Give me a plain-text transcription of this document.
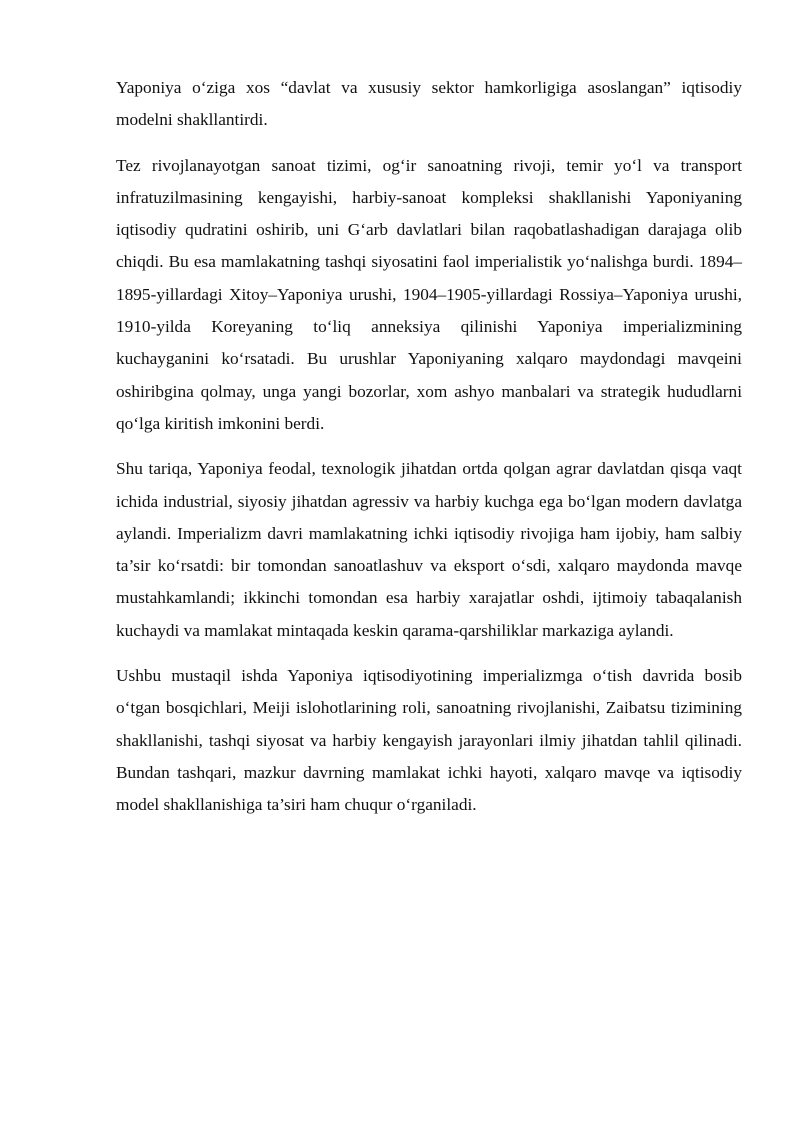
Yaponiya o‘ziga xos “davlat va xususiy sektor hamkorligiga asoslangan” iqtisodiy modelni shakllantirdi.

Tez rivojlanayotgan sanoat tizimi, og‘ir sanoatning rivoji, temir yo‘l va transport infratuzilmasining kengayishi, harbiy-sanoat kompleksi shakllanishi Yaponiyaning iqtisodiy qudratini oshirib, uni G‘arb davlatlari bilan raqobatlashadigan darajaga olib chiqdi. Bu esa mamlakatning tashqi siyosatini faol imperialistik yo‘nalishga burdi. 1894–1895-yillardagi Xitoy–Yaponiya urushi, 1904–1905-yillardagi Rossiya–Yaponiya urushi, 1910-yilda Koreyaning to‘liq anneksiya qilinishi Yaponiya imperializmining kuchayganini ko‘rsatadi. Bu urushlar Yaponiyaning xalqaro maydondagi mavqeini oshiribgina qolmay, unga yangi bozorlar, xom ashyo manbalari va strategik hududlarni qo‘lga kiritish imkonini berdi.

Shu tariqa, Yaponiya feodal, texnologik jihatdan ortda qolgan agrar davlatdan qisqa vaqt ichida industrial, siyosiy jihatdan agressiv va harbiy kuchga ega bo‘lgan modern davlatga aylandi. Imperializm davri mamlakatning ichki iqtisodiy rivojiga ham ijobiy, ham salbiy ta’sir ko‘rsatdi: bir tomondan sanoatlashuv va eksport o‘sdi, xalqaro maydonda mavqe mustahkamlandi; ikkinchi tomondan esa harbiy xarajatlar oshdi, ijtimoiy tabaqalanish kuchaydi va mamlakat mintaqada keskin qarama-qarshiliklar markaziga aylandi.

Ushbu mustaqil ishda Yaponiya iqtisodiyotining imperializmga o‘tish davrida bosib o‘tgan bosqichlari, Meiji islohotlarining roli, sanoatning rivojlanishi, Zaibatsu tizimining shakllanishi, tashqi siyosat va harbiy kengayish jarayonlari ilmiy jihatdan tahlil qilinadi. Bundan tashqari, mazkur davrning mamlakat ichki hayoti, xalqaro mavqe va iqtisodiy model shakllanishiga ta’siri ham chuqur o‘rganiladi.
